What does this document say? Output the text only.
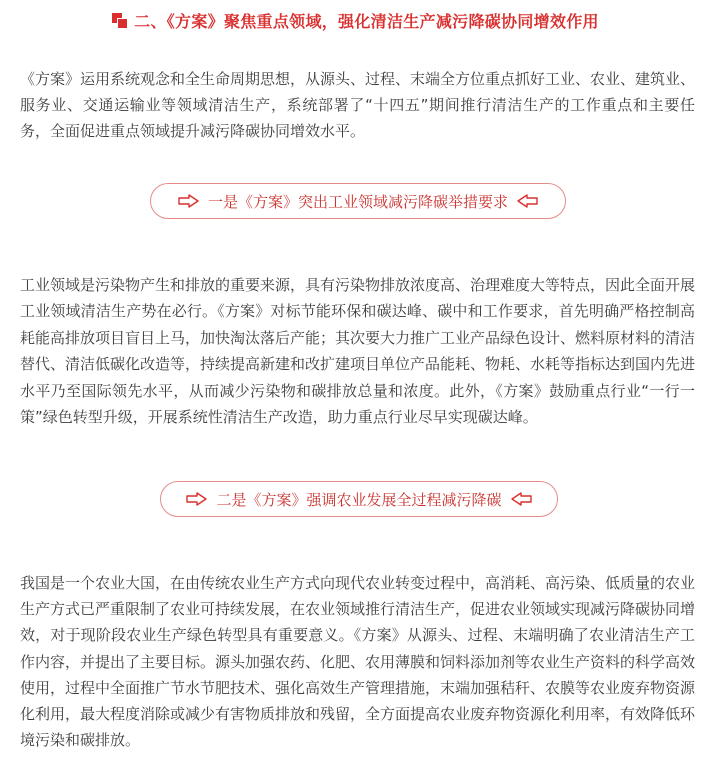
二、《方案》聚焦重点领域，强化清洁生产减污降碳协同增效作用

《方案》运用系统观念和全生命周期思想，从源头、过程、末端全方位重点抓好工业、农业、建筑业、服务业、交通运输业等领域清洁生产，系统部署了“十四五”期间推行清洁生产的工作重点和主要任务，全面促进重点领域提升减污降碳协同增效水平。

一是《方案》突出工业领域减污降碳举措要求

工业领域是污染物产生和排放的重要来源，具有污染物排放浓度高、治理难度大等特点，因此全面开展工业领域清洁生产势在必行。《方案》对标节能环保和碳达峰、碳中和工作要求，首先明确严格控制高耗能高排放项目盲目上马，加快淘汰落后产能；其次要大力推广工业产品绿色设计、燃料原材料的清洁替代、清洁低碳化改造等，持续提高新建和改扩建项目单位产品能耗、物耗、水耗等指标达到国内先进水平乃至国际领先水平，从而减少污染物和碳排放总量和浓度。此外，《方案》鼓励重点行业“一行一策”绿色转型升级，开展系统性清洁生产改造，助力重点行业尽早实现碳达峰。

二是《方案》强调农业发展全过程减污降碳

我国是一个农业大国，在由传统农业生产方式向现代农业转变过程中，高消耗、高污染、低质量的农业生产方式已严重限制了农业可持续发展，在农业领域推行清洁生产，促进农业领域实现减污降碳协同增效，对于现阶段农业生产绿色转型具有重要意义。《方案》从源头、过程、末端明确了农业清洁生产工作内容，并提出了主要目标。源头加强农药、化肥、农用薄膜和饲料添加剂等农业生产资料的科学高效使用，过程中全面推广节水节肥技术、强化高效生产管理措施，末端加强秸秆、农膜等农业废弃物资源化利用，最大程度消除或减少有害物质排放和残留，全方面提高农业废弃物资源化利用率，有效降低环境污染和碳排放。
